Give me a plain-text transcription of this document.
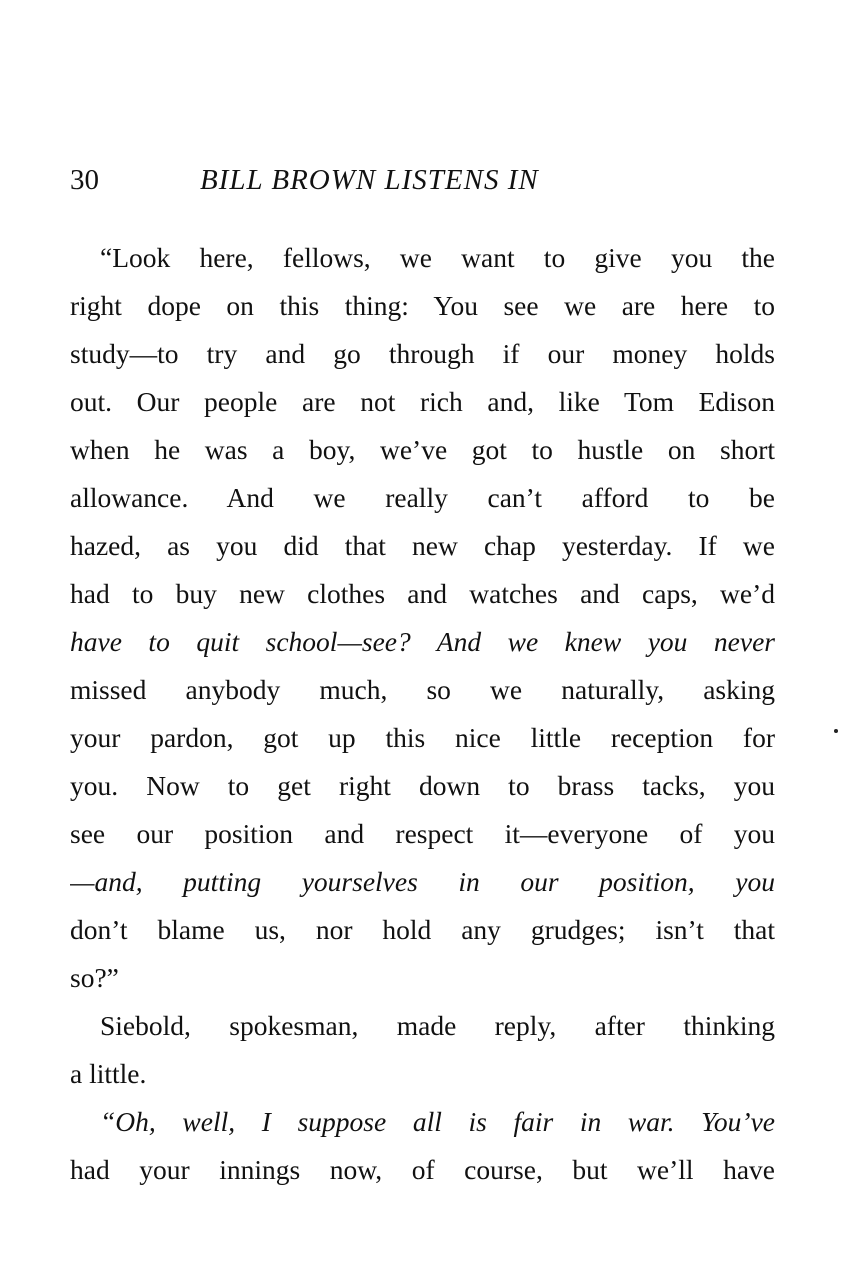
30	BILL BROWN LISTENS IN
“Look here, fellows, we want to give you the
right dope on this thing: You see we are here to
study—to try and go through if our money holds
out. Our people are not rich and, like Tom Edison
when he was a boy, we’ve got to hustle on short
allowance. And we really can’t afford to be
hazed, as you did that new chap yesterday. If we
had to buy new clothes and watches and caps, we’d
have to quit school—see? And we knew you never
missed anybody much, so we naturally, asking
your pardon, got up this nice little reception for
you. Now to get right down to brass tacks, you
see our position and respect it—everyone of you
—and, putting yourselves in our position, you
don’t blame us, nor hold any grudges; isn’t that
so?”
Siebold, spokesman, made reply, after thinking
a little.
“Oh, well, I suppose all is fair in war. You’ve
had your innings now, of course, but we’ll have
